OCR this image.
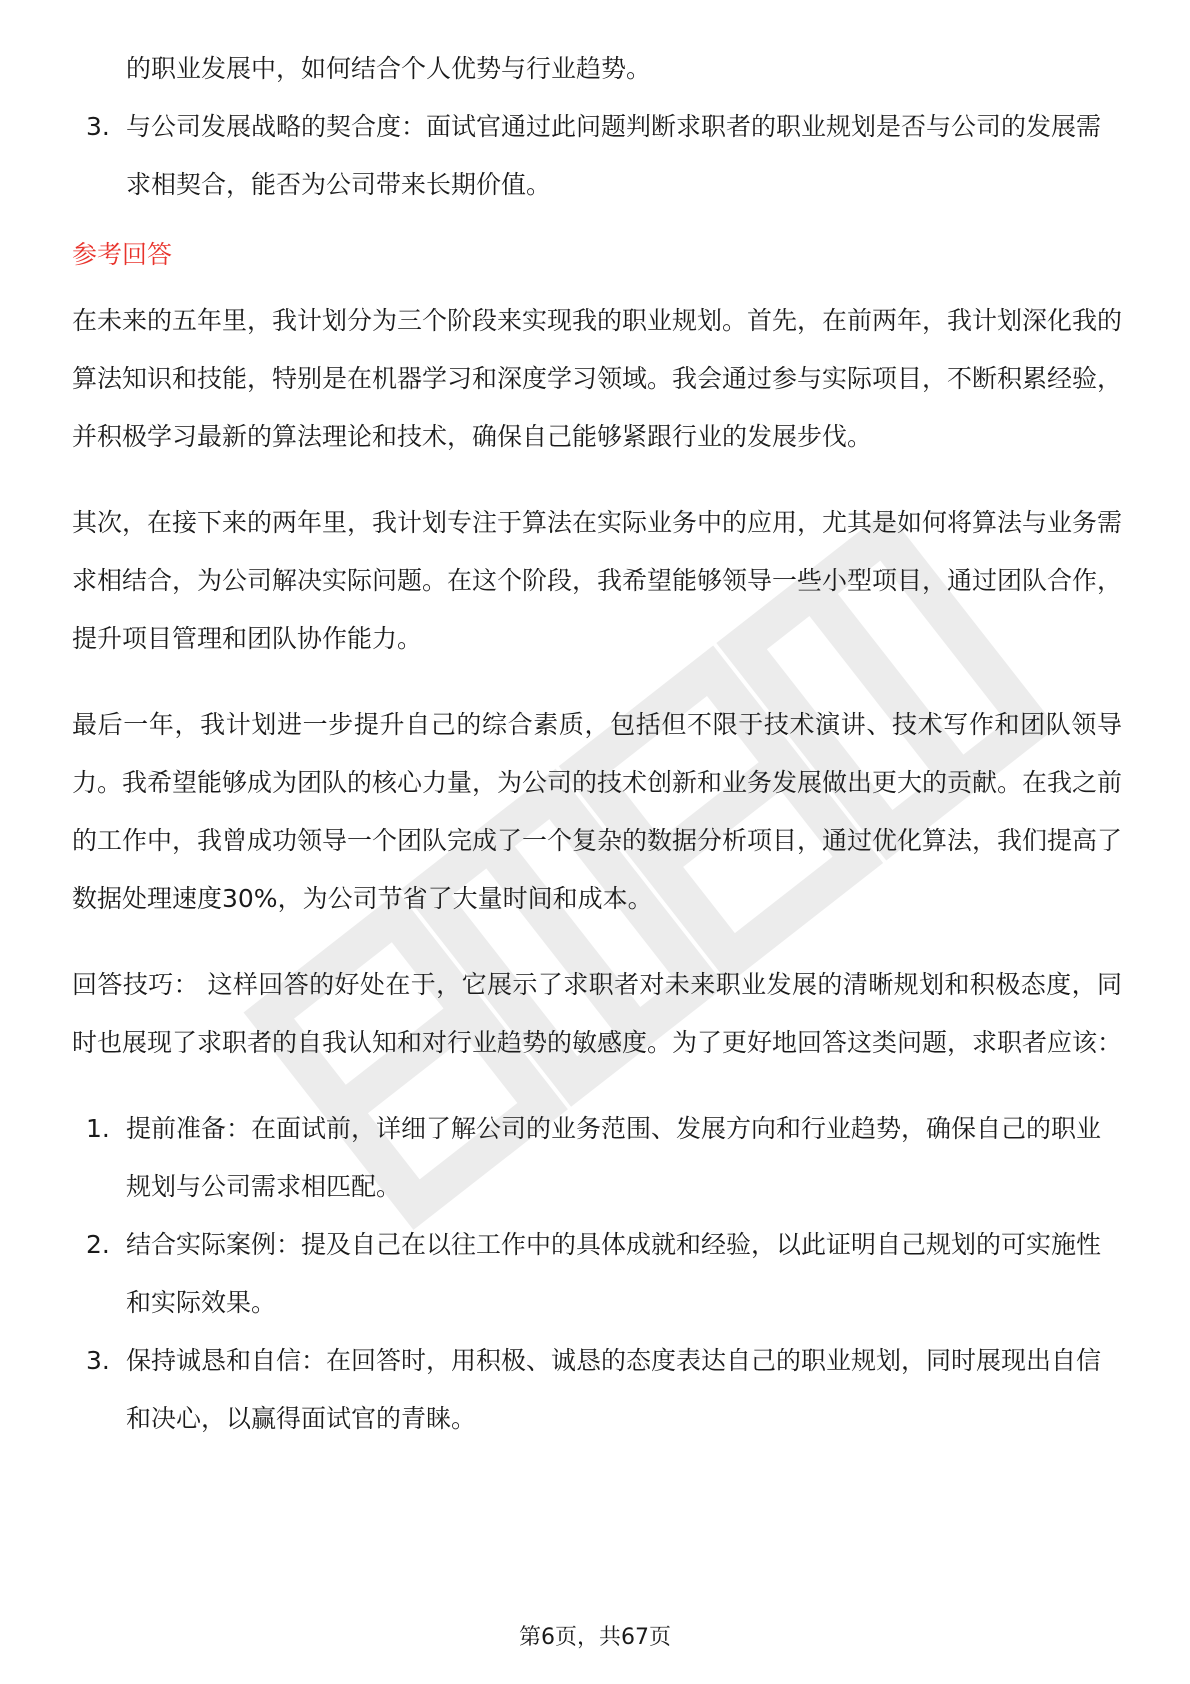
的职业发展中，如何结合个人优势与行业趋势。
3. 与公司发展战略的契合度：面试官通过此问题判断求职者的职业规划是否与公司的发展需求相契合，能否为公司带来长期价值。
参考回答

在未来的五年里，我计划分为三个阶段来实现我的职业规划。首先，在前两年，我计划深化我的算法知识和技能，特别是在机器学习和深度学习领域。我会通过参与实际项目，不断积累经验，并积极学习最新的算法理论和技术，确保自己能够紧跟行业的发展步伐。

其次，在接下来的两年里，我计划专注于算法在实际业务中的应用，尤其是如何将算法与业务需求相结合，为公司解决实际问题。在这个阶段，我希望能够领导一些小型项目，通过团队合作，提升项目管理和团队协作能力。

最后一年，我计划进一步提升自己的综合素质，包括但不限于技术演讲、技术写作和团队领导力。我希望能够成为团队的核心力量，为公司的技术创新和业务发展做出更大的贡献。在我之前的工作中，我曾成功领导一个团队完成了一个复杂的数据分析项目，通过优化算法，我们提高了数据处理速度30%，为公司节省了大量时间和成本。

回答技巧： 这样回答的好处在于，它展示了求职者对未来职业发展的清晰规划和积极态度，同时也展现了求职者的自我认知和对行业趋势的敏感度。为了更好地回答这类问题，求职者应该：

1. 提前准备：在面试前，详细了解公司的业务范围、发展方向和行业趋势，确保自己的职业规划与公司需求相匹配。
2. 结合实际案例：提及自己在以往工作中的具体成就和经验，以此证明自己规划的可实施性和实际效果。
3. 保持诚恳和自信：在回答时，用积极、诚恳的态度表达自己的职业规划，同时展现出自信和决心，以赢得面试官的青睐。
第6页，共67页
